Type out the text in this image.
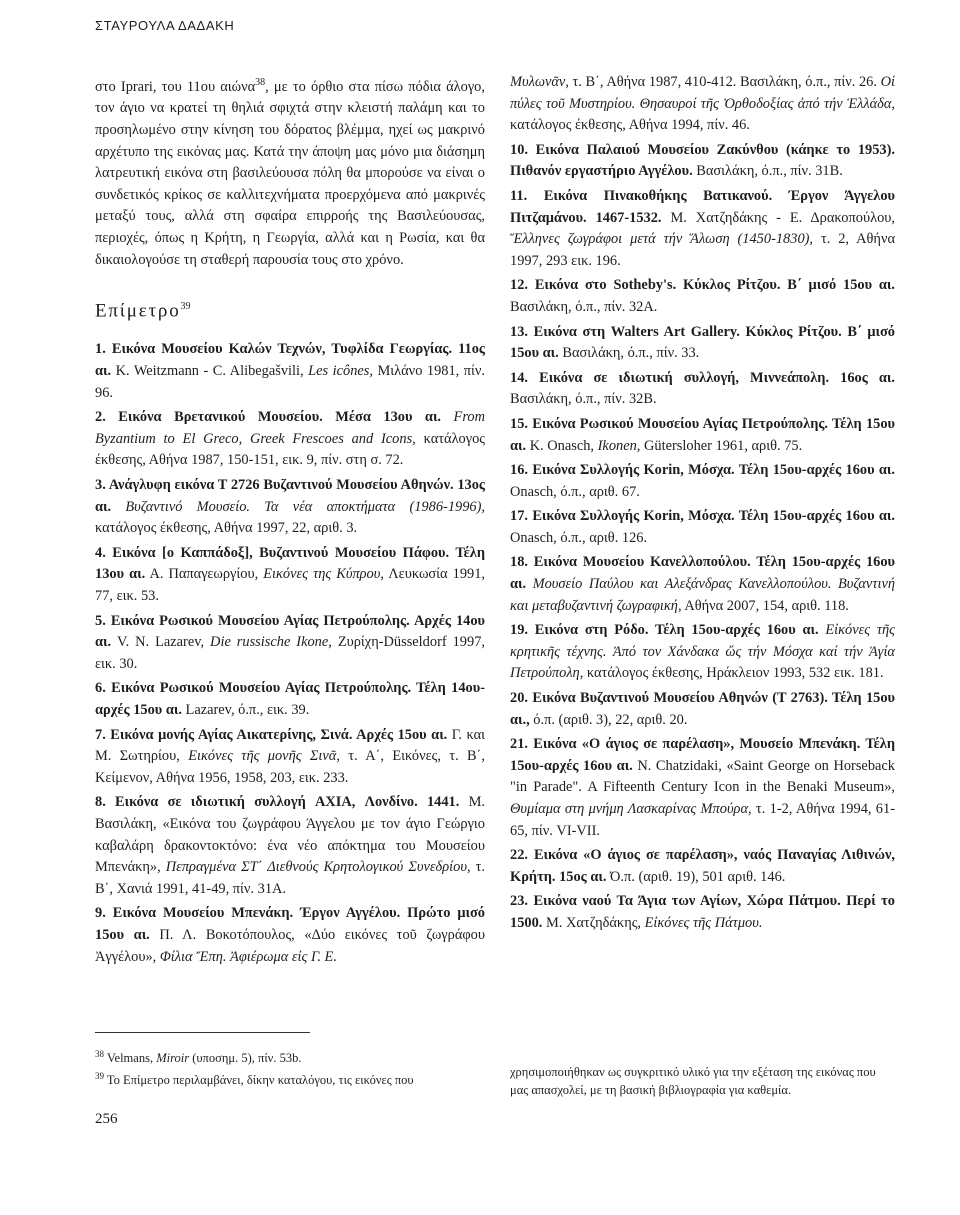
ΣΤΑΥΡΟΥΛΑ ΔΑΔΑΚΗ

στο Iprari, του 11ου αιώνα$^{38}$, με το όρθιο στα πίσω πόδια άλογο, τον άγιο να κρατεί τη θηλιά σφιχτά στην κλειστή παλάμη και το προσηλωμένο στην κίνηση του δόρατος βλέμμα, ηχεί ως μακρινό αρχέτυπο της εικόνας μας. Κατά την άποψη μας μόνο μια διάσημη λατρευτική εικόνα στη βασιλεύουσα πόλη θα μπορούσε να είναι ο συνδετικός κρίκος σε καλλιτεχνήματα προερχόμενα από μακρινές μεταξύ τους, αλλά στη σφαίρα επιρροής της Βασιλεύουσας, περιοχές, όπως η Κρήτη, η Γεωργία, αλλά και η Ρωσία, και θα δικαιολογούσε τη σταθερή παρουσία τους στο χρόνο.

Επίμετρο$^{39}$

1. Εικόνα Μουσείου Καλών Τεχνών, Τυφλίδα Γεωργίας. 11ος αι. K. Weitzmann - C. Alibegašvili, Les icônes, Μιλάνο 1981, πίν. 96.

2. Εικόνα Βρετανικού Μουσείου. Μέσα 13ου αι. From Byzantium to El Greco, Greek Frescoes and Icons, κατάλογος έκθεσης, Αθήνα 1987, 150-151, εικ. 9, πίν. στη σ. 72.

3. Ανάγλυφη εικόνα Τ 2726 Βυζαντινού Μουσείου Αθηνών. 13ος αι. Βυζαντινό Μουσείο. Τα νέα αποκτήματα (1986-1996), κατάλογος έκθεσης, Αθήνα 1997, 22, αριθ. 3.

4. Εικόνα [ο Καππάδοξ], Βυζαντινού Μουσείου Πάφου. Τέλη 13ου αι. Α. Παπαγεωργίου, Εικόνες της Κύπρου, Λευκωσία 1991, 77, εικ. 53.

5. Εικόνα Ρωσικού Μουσείου Αγίας Πετρούπολης. Αρχές 14ου αι. V. N. Lazarev, Die russische Ikone, Ζυρίχη-Düsseldorf 1997, εικ. 30.

6. Εικόνα Ρωσικού Μουσείου Αγίας Πετρούπολης. Τέλη 14ου-αρχές 15ου αι. Lazarev, ό.π., εικ. 39.

7. Εικόνα μονής Αγίας Αικατερίνης, Σινά. Αρχές 15ου αι. Γ. και Μ. Σωτηρίου, Εικόνες τῆς μονῆς Σινᾶ, τ. Α΄, Εικόνες, τ. Β΄, Κείμενον, Αθήνα 1956, 1958, 203, εικ. 233.

8. Εικόνα σε ιδιωτική συλλογή AXIA, Λονδίνο. 1441. Μ. Βασιλάκη, «Εικόνα του ζωγράφου Άγγελου με τον άγιο Γεώργιο καβαλάρη δρακοντοκτόνο: ένα νέο απόκτημα του Μουσείου Μπενάκη», Πεπραγμένα ΣΤ΄ Διεθνούς Κρητολογικού Συνεδρίου, τ. Β΄, Χανιά 1991, 41-49, πίν. 31Α.

9. Εικόνα Μουσείου Μπενάκη. Έργον Αγγέλου. Πρώτο μισό 15ου αι. Π. Λ. Βοκοτόπουλος, «Δύο εικόνες τοῦ ζωγράφου Ἀγγέλου», Φίλια Ἔπη. Ἀφιέρωμα εἰς Γ. Ε.

Μυλωνᾶν, τ. Β΄, Αθήνα 1987, 410-412. Βασιλάκη, ό.π., πίν. 26. Οἱ πύλες τοῦ Μυστηρίου. Θησαυροί τῆς Ὀρθοδοξίας ἀπό τήν Ἑλλάδα, κατάλογος έκθεσης, Αθήνα 1994, πίν. 46.

10. Εικόνα Παλαιού Μουσείου Ζακύνθου (κάηκε το 1953). Πιθανόν εργαστήριο Αγγέλου. Βασιλάκη, ό.π., πίν. 31Β.

11. Εικόνα Πινακοθήκης Βατικανού. Έργον Άγγελου Πιτζαμάνου. 1467-1532. Μ. Χατζηδάκης - Ε. Δρακοπούλου, Ἕλληνες ζωγράφοι μετά τήν Ἅλωση (1450-1830), τ. 2, Αθήνα 1997, 293 εικ. 196.

12. Εικόνα στο Sotheby's. Κύκλος Ρίτζου. Β΄ μισό 15ου αι. Βασιλάκη, ό.π., πίν. 32Α.

13. Εικόνα στη Walters Art Gallery. Κύκλος Ρίτζου. Β΄ μισό 15ου αι. Βασιλάκη, ό.π., πίν. 33.

14. Εικόνα σε ιδιωτική συλλογή, Μιννεάπολη. 16ος αι. Βασιλάκη, ό.π., πίν. 32Β.

15. Εικόνα Ρωσικού Μουσείου Αγίας Πετρούπολης. Τέλη 15ου αι. K. Onasch, Ikonen, Gütersloher 1961, αριθ. 75.

16. Εικόνα Συλλογής Korin, Μόσχα. Τέλη 15ου-αρχές 16ου αι. Onasch, ό.π., αριθ. 67.

17. Εικόνα Συλλογής Korin, Μόσχα. Τέλη 15ου-αρχές 16ου αι. Onasch, ό.π., αριθ. 126.

18. Εικόνα Μουσείου Κανελλοπούλου. Τέλη 15ου-αρχές 16ου αι. Μουσείο Παύλου και Αλεξάνδρας Κανελλοπούλου. Βυζαντινή και μεταβυζαντινή ζωγραφική, Αθήνα 2007, 154, αριθ. 118.

19. Εικόνα στη Ρόδο. Τέλη 15ου-αρχές 16ου αι. Εἰκόνες τῆς κρητικῆς τέχνης. Ἀπό τον Χάνδακα ὥς τήν Μόσχα καί τήν Ἁγία Πετρούπολη, κατάλογος έκθεσης, Ηράκλειον 1993, 532 εικ. 181.

20. Εικόνα Βυζαντινού Μουσείου Αθηνών (Τ 2763). Τέλη 15ου αι., ό.π. (αριθ. 3), 22, αριθ. 20.

21. Εικόνα «Ο άγιος σε παρέλαση», Μουσείο Μπενάκη. Τέλη 15ου-αρχές 16ου αι. N. Chatzidaki, «Saint George on Horseback "in Parade". A Fifteenth Century Icon in the Benaki Museum», Θυμίαμα στη μνήμη Λασκαρίνας Μπούρα, τ. 1-2, Αθήνα 1994, 61-65, πίν. VI-VII.

22. Εικόνα «Ο άγιος σε παρέλαση», ναός Παναγίας Λιθινών, Κρήτη. 15ος αι. Ό.π. (αριθ. 19), 501 αριθ. 146.

23. Εικόνα ναού Τα Άγια των Αγίων, Χώρα Πάτμου. Περί το 1500. Μ. Χατζηδάκης, Εἰκόνες τῆς Πάτμου.

$^{38}$ Velmans, Miroir (υποσημ. 5), πίν. 53b.

$^{39}$ Το Επίμετρο περιλαμβάνει, δίκην καταλόγου, τις εικόνες που

χρησιμοποιήθηκαν ως συγκριτικό υλικό για την εξέταση της εικόνας που μας απασχολεί, με τη βασική βιβλιογραφία για καθεμία.

256
